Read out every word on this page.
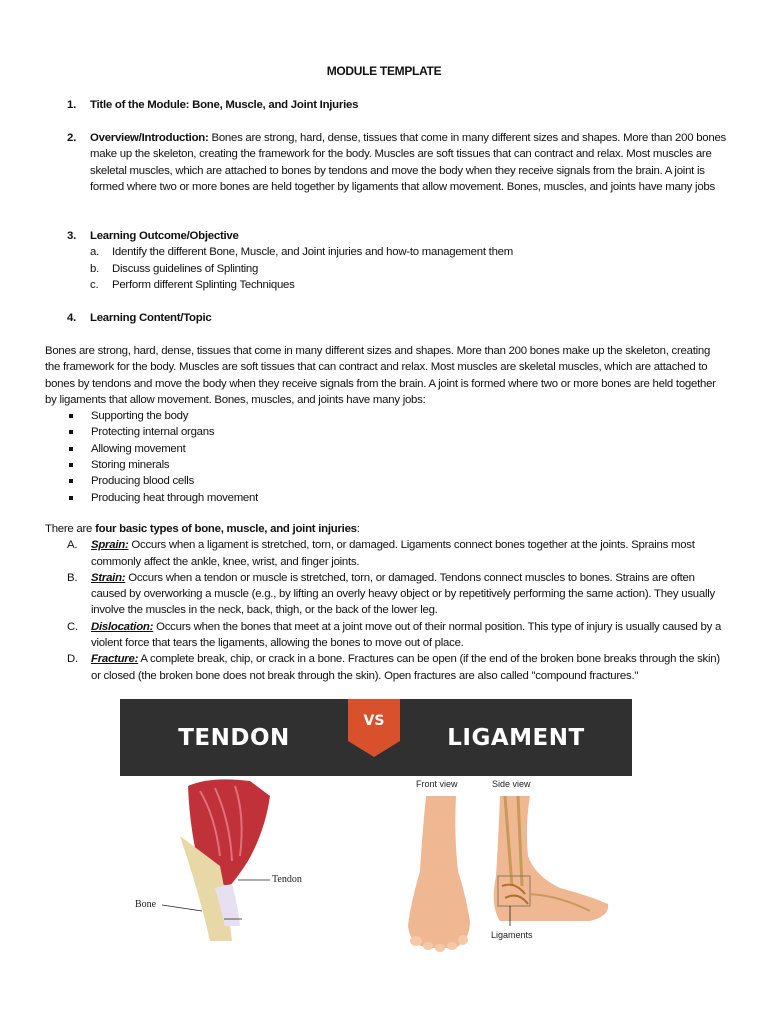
MODULE TEMPLATE
1. Title of the Module: Bone, Muscle, and Joint Injuries
2. Overview/Introduction: Bones are strong, hard, dense, tissues that come in many different sizes and shapes. More than 200 bones make up the skeleton, creating the framework for the body. Muscles are soft tissues that can contract and relax. Most muscles are skeletal muscles, which are attached to bones by tendons and move the body when they receive signals from the brain. A joint is formed where two or more bones are held together by ligaments that allow movement. Bones, muscles, and joints have many jobs
3. Learning Outcome/Objective
a. Identify the different Bone, Muscle, and Joint injuries and how-to management them
b. Discuss guidelines of Splinting
c. Perform different Splinting Techniques
4. Learning Content/Topic
Bones are strong, hard, dense, tissues that come in many different sizes and shapes. More than 200 bones make up the skeleton, creating the framework for the body. Muscles are soft tissues that can contract and relax. Most muscles are skeletal muscles, which are attached to bones by tendons and move the body when they receive signals from the brain. A joint is formed where two or more bones are held together by ligaments that allow movement. Bones, muscles, and joints have many jobs:
Supporting the body
Protecting internal organs
Allowing movement
Storing minerals
Producing blood cells
Producing heat through movement
There are four basic types of bone, muscle, and joint injuries:
A. Sprain: Occurs when a ligament is stretched, torn, or damaged. Ligaments connect bones together at the joints. Sprains most commonly affect the ankle, knee, wrist, and finger joints.
B. Strain: Occurs when a tendon or muscle is stretched, torn, or damaged. Tendons connect muscles to bones. Strains are often caused by overworking a muscle (e.g., by lifting an overly heavy object or by repetitively performing the same action). They usually involve the muscles in the neck, back, thigh, or the back of the lower leg.
C. Dislocation: Occurs when the bones that meet at a joint move out of their normal position. This type of injury is usually caused by a violent force that tears the ligaments, allowing the bones to move out of place.
D. Fracture: A complete break, chip, or crack in a bone. Fractures can be open (if the end of the broken bone breaks through the skin) or closed (the broken bone does not break through the skin). Open fractures are also called "compound fractures."
TENDON	LIGAMENT
VS
Tendon
Bone
Front view	Side view
Ligaments
